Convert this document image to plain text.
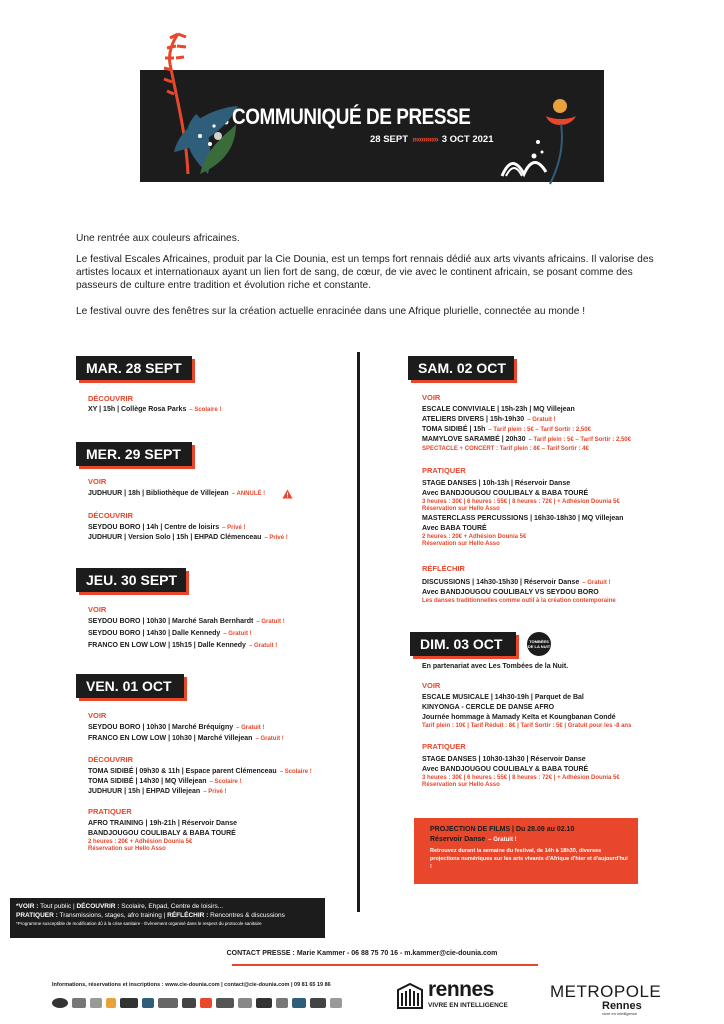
COMMUNIQUÉ DE PRESSE
28 SEPT »»»»»» 3 OCT 2021
Une rentrée aux couleurs africaines.
Le festival Escales Africaines, produit par la Cie Dounia, est un temps fort rennais dédié aux arts vivants africains. Il valorise des artistes locaux et internationaux ayant un lien fort de sang, de cœur, de vie avec le continent africain, se posant comme des passeurs de culture entre tradition et évolution riche et constante.
Le festival ouvre des fenêtres sur la création actuelle enracinée dans une Afrique plurielle, connectée au monde !
MAR. 28 SEPT
DÉCOUVRIR
XY | 15h | Collège Rosa Parks – Scolaire !
MER. 29 SEPT
VOIR
JUDHUUR | 18h | Bibliothèque de Villejean – ANNULÉ !
DÉCOUVRIR
SEYDOU BORO | 14h | Centre de loisirs – Privé !
JUDHUUR | Version Solo | 15h | EHPAD Clémenceau – Privé !
JEU. 30 SEPT
VOIR
SEYDOU BORO | 10h30 | Marché Sarah Bernhardt – Gratuit !
SEYDOU BORO | 14h30 | Dalle Kennedy – Gratuit !
FRANCO EN LOW LOW | 15h15 | Dalle Kennedy – Gratuit !
VEN. 01 OCT
VOIR
SEYDOU BORO | 10h30 | Marché Bréquigny – Gratuit !
FRANCO EN LOW LOW | 10h30 | Marché Villejean – Gratuit !
DÉCOUVRIR
TOMA SIDIBÉ | 09h30 & 11h | Espace parent Clémenceau – Scolaire !
TOMA SIDIBÉ | 14h30 | MQ Villejean – Scolaire !
JUDHUUR | 15h | EHPAD Villejean – Privé !
PRATIQUER
AFRO TRAINING | 19h-21h | Réservoir Danse
BANDJOUGOU COULIBALY & BABA TOURÉ
2 heures : 20€ + Adhésion Dounia 5€
Réservation sur Hello Asso
SAM. 02 OCT
VOIR
ESCALE CONVIVIALE | 15h-23h | MQ Villejean
ATELIERS DIVERS | 15h-19h30 – Gratuit !
TOMA SIDIBÉ | 15h – Tarif plein : 5€ – Tarif Sortir : 2,50€
MAMYLOVE SARAMBÉ | 20h30 – Tarif plein : 5€ – Tarif Sortir : 2,50€
SPECTACLE + CONCERT : Tarif plein : 8€ – Tarif Sortir : 4€
PRATIQUER
STAGE DANSES | 10h-13h | Réservoir Danse
Avec BANDJOUGOU COULIBALY & BABA TOURÉ
3 heures : 30€ | 6 heures : 55€ | 8 heures : 72€ | + Adhésion Dounia 5€
Réservation sur Hello Asso
MASTERCLASS PERCUSSIONS | 16h30-18h30 | MQ Villejean
Avec BABA TOURÉ
2 heures : 20€ + Adhésion Dounia 5€
Réservation sur Hello Asso
RÉFLÉCHIR
DISCUSSIONS | 14h30-15h30 | Réservoir Danse – Gratuit !
Avec BANDJOUGOU COULIBALY VS SEYDOU BORO
Les danses traditionnelles comme outil à la création contemporaine
DIM. 03 OCT	TOMBÉES DE LA NUIT
En partenariat avec Les Tombées de la Nuit.
VOIR
ESCALE MUSICALE | 14h30-19h | Parquet de Bal
KINYONGA - CERCLE DE DANSE AFRO
Journée hommage à Mamady Keïta et Koungbanan Condé
Tarif plein : 10€ | Tarif Réduit : 8€ | Tarif Sortir : 5€ | Gratuit pour les -8 ans
PRATIQUER
STAGE DANSES | 10h30-13h30 | Réservoir Danse
Avec BANDJOUGOU COULIBALY & BABA TOURÉ
3 heures : 30€ | 6 heures : 55€ | 8 heures : 72€ | + Adhésion Dounia 5€
Réservation sur Hello Asso
PROJECTION DE FILMS | Du 28.09 au 02.10
Réservoir Danse – Gratuit !
Retrouvez durant la semaine du festival, de 14h à 18h30, diverses projections numériques sur les arts vivants d'Afrique d'hier et d'aujourd'hui !
*VOIR : Tout public | DÉCOUVRIR : Scolaire, Ehpad, Centre de loisirs...
PRATIQUER : Transmissions, stages, afro training | RÉFLÉCHIR : Rencontres & discussions
*Programme susceptible de modification dû à la crise sanitaire - Évènement organisé dans le respect du protocole sanitaire
CONTACT PRESSE : Marie Kammer - 06 88 75 70 16 - m.kammer@cie-dounia.com
Informations, réservations et inscriptions : www.cie-dounia.com | contact@cie-dounia.com | 09 81 65 19 86	rennes
VIVRE EN INTELLIGENCE
METROPOLE
Rennes
vivre en intelligence
